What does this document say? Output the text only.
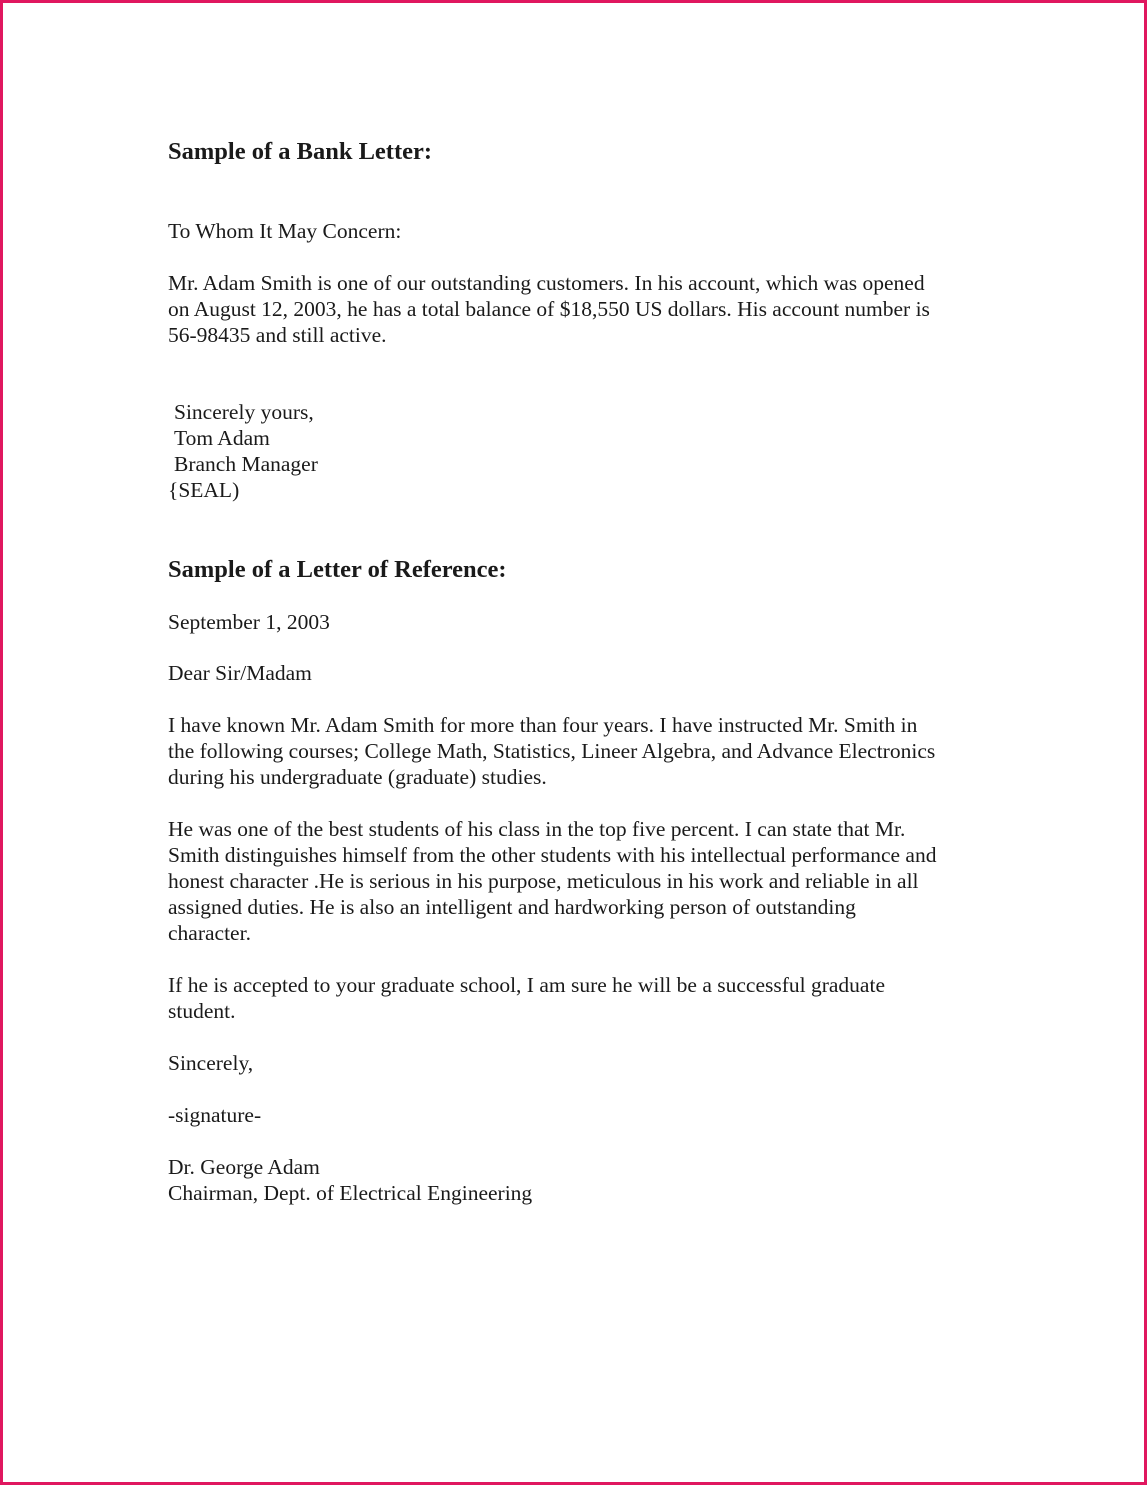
Sample of a Bank Letter:

To Whom It May Concern:

Mr. Adam Smith is one of our outstanding customers. In his account, which was opened
on August 12, 2003, he has a total balance of $18,550 US dollars. His account number is
56-98435 and still active.

Sincerely yours,
Tom Adam
Branch Manager
{SEAL)
Sample of a Letter of Reference:

September 1, 2003

Dear Sir/Madam

I have known Mr. Adam Smith for more than four years. I have instructed Mr. Smith in
the following courses; College Math, Statistics, Lineer Algebra, and Advance Electronics
during his undergraduate (graduate) studies.

He was one of the best students of his class in the top five percent. I can state that Mr.
Smith distinguishes himself from the other students with his intellectual performance and
honest character .He is serious in his purpose, meticulous in his work and reliable in all
assigned duties. He is also an intelligent and hardworking person of outstanding
character.

If he is accepted to your graduate school, I am sure he will be a successful graduate
student.

Sincerely,

-signature-

Dr. George Adam
Chairman, Dept. of Electrical Engineering
